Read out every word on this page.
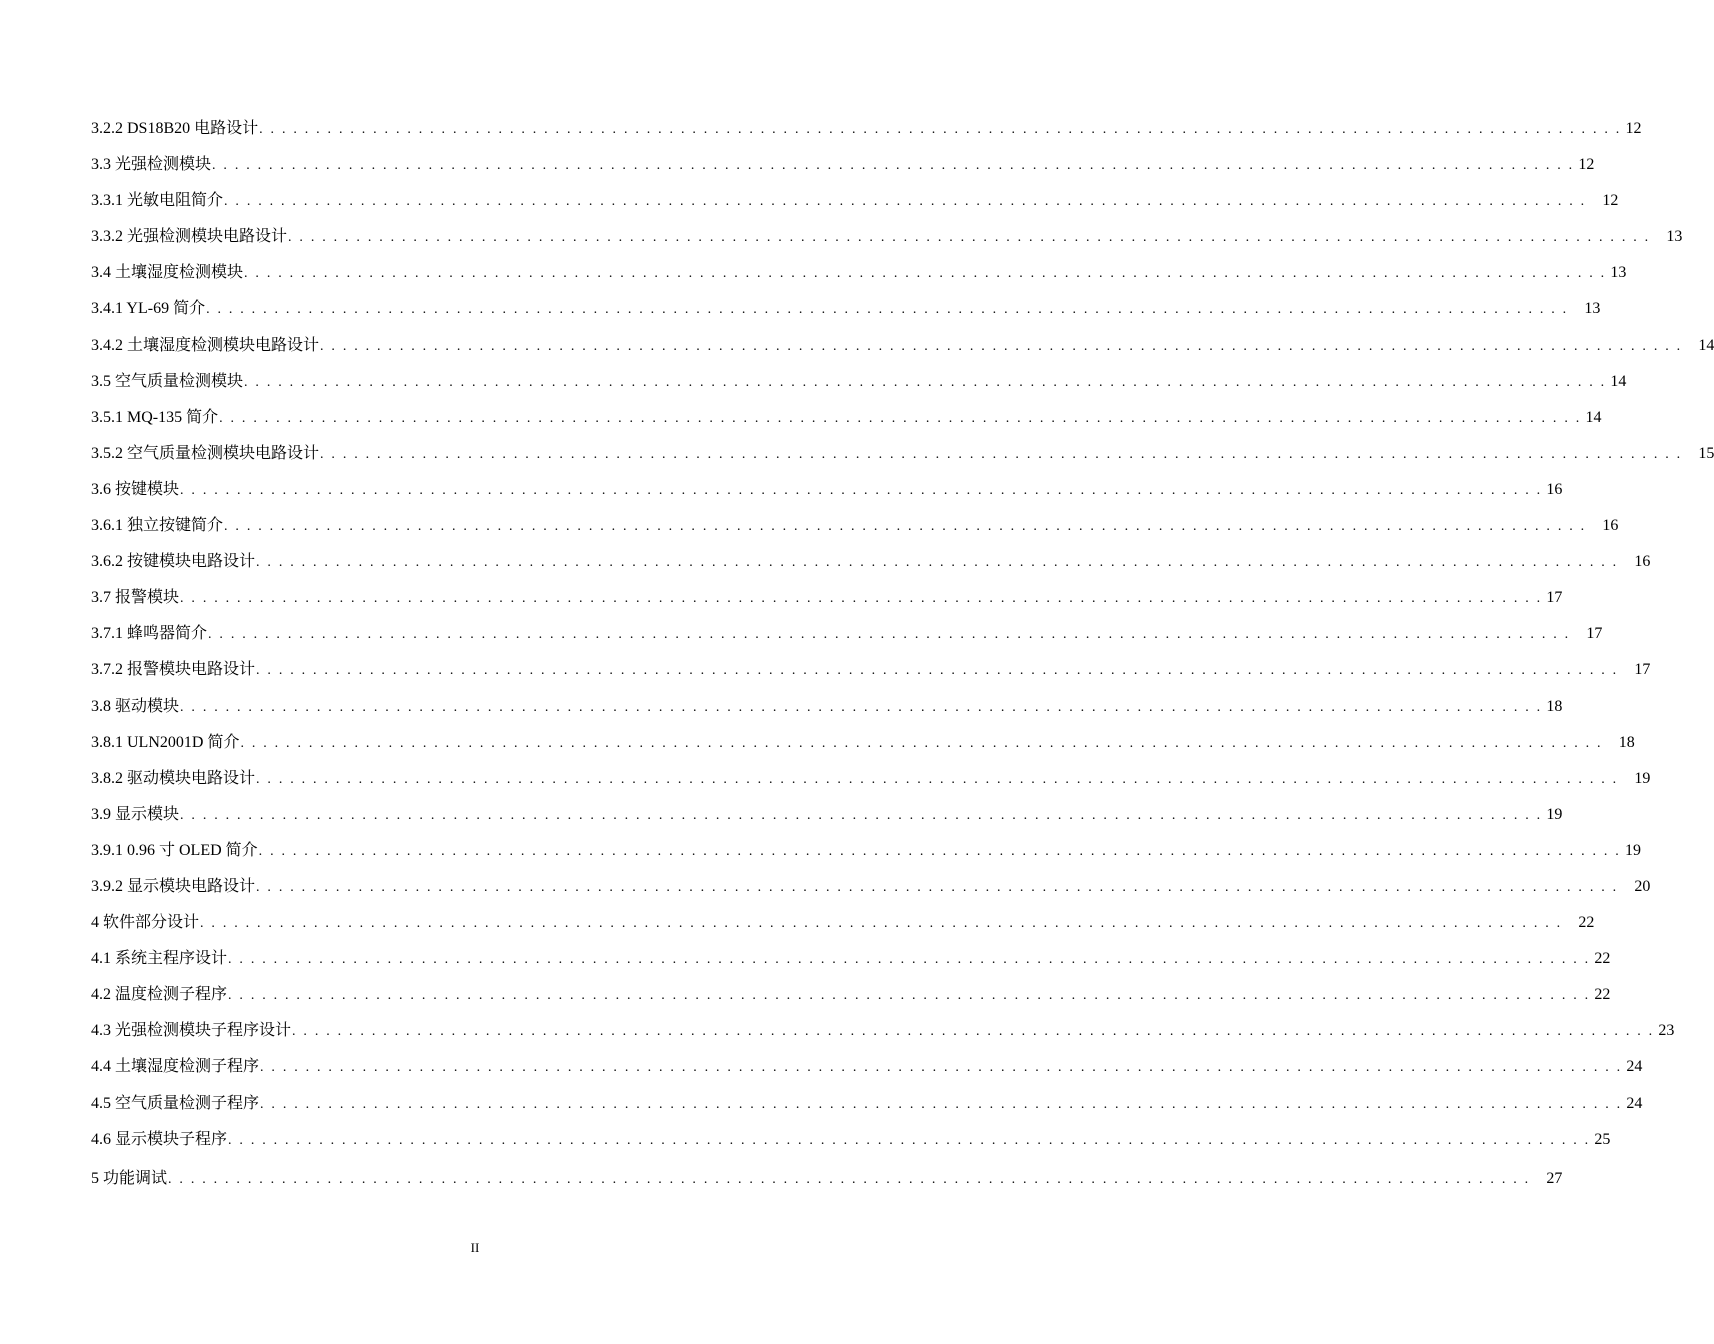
3.2.2 DS18B20 电路设计 . . . . . . . . . . . . . . . . . . . . . . . . . . . . . . . . . . . . . . . . . . . . . . . . . . . . . . . . . . . . . . . . . . . . . . . . . . . . . . . . . . . . . . . . . . . . . . . . . . . . . . . . . . . . . . . . . . . . . . . . 12
3.3 光强检测模块 . . . . . . . . . . . . . . . . . . . . . . . . . . . . . . . . . . . . . . . . . . . . . . . . . . . . . . . . . . . . . . . . . . . . . . . . . . . . . . . . . . . . . . . . . . . . . . . . . . . . . . . . . . . . . . . . . . . . . . . . 12
3.3.1 光敏电阻简介 . . . . . . . . . . . . . . . . . . . . . . . . . . . . . . . . . . . . . . . . . . . . . . . . . . . . . . . . . . . . . . . . . . . . . . . . . . . . . . . . . . . . . . . . . . . . . . . . . . . . . . . . . . . . . . . . . . . . . . . .	12
3.3.2 光强检测模块电路设计 . . . . . . . . . . . . . . . . . . . . . . . . . . . . . . . . . . . . . . . . . . . . . . . . . . . . . . . . . . . . . . . . . . . . . . . . . . . . . . . . . . . . . . . . . . . . . . . . . . . . . . . . . . . . . . . . . . . . . . . .	13
3.4 土壤湿度检测模块 . . . . . . . . . . . . . . . . . . . . . . . . . . . . . . . . . . . . . . . . . . . . . . . . . . . . . . . . . . . . . . . . . . . . . . . . . . . . . . . . . . . . . . . . . . . . . . . . . . . . . . . . . . . . . . . . . . . . . . . . 13
3.4.1 YL-69 简介 . . . . . . . . . . . . . . . . . . . . . . . . . . . . . . . . . . . . . . . . . . . . . . . . . . . . . . . . . . . . . . . . . . . . . . . . . . . . . . . . . . . . . . . . . . . . . . . . . . . . . . . . . . . . . . . . . . . . . . . .	13
3.4.2 土壤湿度检测模块电路设计 . . . . . . . . . . . . . . . . . . . . . . . . . . . . . . . . . . . . . . . . . . . . . . . . . . . . . . . . . . . . . . . . . . . . . . . . . . . . . . . . . . . . . . . . . . . . . . . . . . . . . . . . . . . . . . . . . . . . . . . .	14
3.5 空气质量检测模块 . . . . . . . . . . . . . . . . . . . . . . . . . . . . . . . . . . . . . . . . . . . . . . . . . . . . . . . . . . . . . . . . . . . . . . . . . . . . . . . . . . . . . . . . . . . . . . . . . . . . . . . . . . . . . . . . . . . . . . . . 14
3.5.1 MQ-135 简介 . . . . . . . . . . . . . . . . . . . . . . . . . . . . . . . . . . . . . . . . . . . . . . . . . . . . . . . . . . . . . . . . . . . . . . . . . . . . . . . . . . . . . . . . . . . . . . . . . . . . . . . . . . . . . . . . . . . . . . . . 14
3.5.2 空气质量检测模块电路设计 . . . . . . . . . . . . . . . . . . . . . . . . . . . . . . . . . . . . . . . . . . . . . . . . . . . . . . . . . . . . . . . . . . . . . . . . . . . . . . . . . . . . . . . . . . . . . . . . . . . . . . . . . . . . . . . . . . . . . . . .	15
3.6 按键模块 . . . . . . . . . . . . . . . . . . . . . . . . . . . . . . . . . . . . . . . . . . . . . . . . . . . . . . . . . . . . . . . . . . . . . . . . . . . . . . . . . . . . . . . . . . . . . . . . . . . . . . . . . . . . . . . . . . . . . . . . 16
3.6.1 独立按键简介 . . . . . . . . . . . . . . . . . . . . . . . . . . . . . . . . . . . . . . . . . . . . . . . . . . . . . . . . . . . . . . . . . . . . . . . . . . . . . . . . . . . . . . . . . . . . . . . . . . . . . . . . . . . . . . . . . . . . . . . .	16
3.6.2 按键模块电路设计 . . . . . . . . . . . . . . . . . . . . . . . . . . . . . . . . . . . . . . . . . . . . . . . . . . . . . . . . . . . . . . . . . . . . . . . . . . . . . . . . . . . . . . . . . . . . . . . . . . . . . . . . . . . . . . . . . . . . . . . .	16
3.7 报警模块 . . . . . . . . . . . . . . . . . . . . . . . . . . . . . . . . . . . . . . . . . . . . . . . . . . . . . . . . . . . . . . . . . . . . . . . . . . . . . . . . . . . . . . . . . . . . . . . . . . . . . . . . . . . . . . . . . . . . . . . . 17
3.7.1 蜂鸣器简介 . . . . . . . . . . . . . . . . . . . . . . . . . . . . . . . . . . . . . . . . . . . . . . . . . . . . . . . . . . . . . . . . . . . . . . . . . . . . . . . . . . . . . . . . . . . . . . . . . . . . . . . . . . . . . . . . . . . . . . . .	17
3.7.2 报警模块电路设计 . . . . . . . . . . . . . . . . . . . . . . . . . . . . . . . . . . . . . . . . . . . . . . . . . . . . . . . . . . . . . . . . . . . . . . . . . . . . . . . . . . . . . . . . . . . . . . . . . . . . . . . . . . . . . . . . . . . . . . . .	17
3.8 驱动模块 . . . . . . . . . . . . . . . . . . . . . . . . . . . . . . . . . . . . . . . . . . . . . . . . . . . . . . . . . . . . . . . . . . . . . . . . . . . . . . . . . . . . . . . . . . . . . . . . . . . . . . . . . . . . . . . . . . . . . . . . 18
3.8.1 ULN2001D 简介 . . . . . . . . . . . . . . . . . . . . . . . . . . . . . . . . . . . . . . . . . . . . . . . . . . . . . . . . . . . . . . . . . . . . . . . . . . . . . . . . . . . . . . . . . . . . . . . . . . . . . . . . . . . . . . . . . . . . . . . .	18
3.8.2 驱动模块电路设计 . . . . . . . . . . . . . . . . . . . . . . . . . . . . . . . . . . . . . . . . . . . . . . . . . . . . . . . . . . . . . . . . . . . . . . . . . . . . . . . . . . . . . . . . . . . . . . . . . . . . . . . . . . . . . . . . . . . . . . . .	19
3.9 显示模块 . . . . . . . . . . . . . . . . . . . . . . . . . . . . . . . . . . . . . . . . . . . . . . . . . . . . . . . . . . . . . . . . . . . . . . . . . . . . . . . . . . . . . . . . . . . . . . . . . . . . . . . . . . . . . . . . . . . . . . . . 19
3.9.1 0.96 寸 OLED 简介 . . . . . . . . . . . . . . . . . . . . . . . . . . . . . . . . . . . . . . . . . . . . . . . . . . . . . . . . . . . . . . . . . . . . . . . . . . . . . . . . . . . . . . . . . . . . . . . . . . . . . . . . . . . . . . . . . . . . . . . . 19
3.9.2 显示模块电路设计 . . . . . . . . . . . . . . . . . . . . . . . . . . . . . . . . . . . . . . . . . . . . . . . . . . . . . . . . . . . . . . . . . . . . . . . . . . . . . . . . . . . . . . . . . . . . . . . . . . . . . . . . . . . . . . . . . . . . . . . .	20
4 软件部分设计 . . . . . . . . . . . . . . . . . . . . . . . . . . . . . . . . . . . . . . . . . . . . . . . . . . . . . . . . . . . . . . . . . . . . . . . . . . . . . . . . . . . . . . . . . . . . . . . . . . . . . . . . . . . . . . . . . . . . . . . .	22
4.1 系统主程序设计 . . . . . . . . . . . . . . . . . . . . . . . . . . . . . . . . . . . . . . . . . . . . . . . . . . . . . . . . . . . . . . . . . . . . . . . . . . . . . . . . . . . . . . . . . . . . . . . . . . . . . . . . . . . . . . . . . . . . . . . . 22
4.2 温度检测子程序 . . . . . . . . . . . . . . . . . . . . . . . . . . . . . . . . . . . . . . . . . . . . . . . . . . . . . . . . . . . . . . . . . . . . . . . . . . . . . . . . . . . . . . . . . . . . . . . . . . . . . . . . . . . . . . . . . . . . . . . . 22
4.3 光强检测模块子程序设计 . . . . . . . . . . . . . . . . . . . . . . . . . . . . . . . . . . . . . . . . . . . . . . . . . . . . . . . . . . . . . . . . . . . . . . . . . . . . . . . . . . . . . . . . . . . . . . . . . . . . . . . . . . . . . . . . . . . . . . . . 23
4.4 土壤湿度检测子程序 . . . . . . . . . . . . . . . . . . . . . . . . . . . . . . . . . . . . . . . . . . . . . . . . . . . . . . . . . . . . . . . . . . . . . . . . . . . . . . . . . . . . . . . . . . . . . . . . . . . . . . . . . . . . . . . . . . . . . . . . 24
4.5 空气质量检测子程序 . . . . . . . . . . . . . . . . . . . . . . . . . . . . . . . . . . . . . . . . . . . . . . . . . . . . . . . . . . . . . . . . . . . . . . . . . . . . . . . . . . . . . . . . . . . . . . . . . . . . . . . . . . . . . . . . . . . . . . . . 24
4.6 显示模块子程序 . . . . . . . . . . . . . . . . . . . . . . . . . . . . . . . . . . . . . . . . . . . . . . . . . . . . . . . . . . . . . . . . . . . . . . . . . . . . . . . . . . . . . . . . . . . . . . . . . . . . . . . . . . . . . . . . . . . . . . . . 25
5 功能调试 . . . . . . . . . . . . . . . . . . . . . . . . . . . . . . . . . . . . . . . . . . . . . . . . . . . . . . . . . . . . . . . . . . . . . . . . . . . . . . . . . . . . . . . . . . . . . . . . . . . . . . . . . . . . . . . . . . . . . . . .	27
II
